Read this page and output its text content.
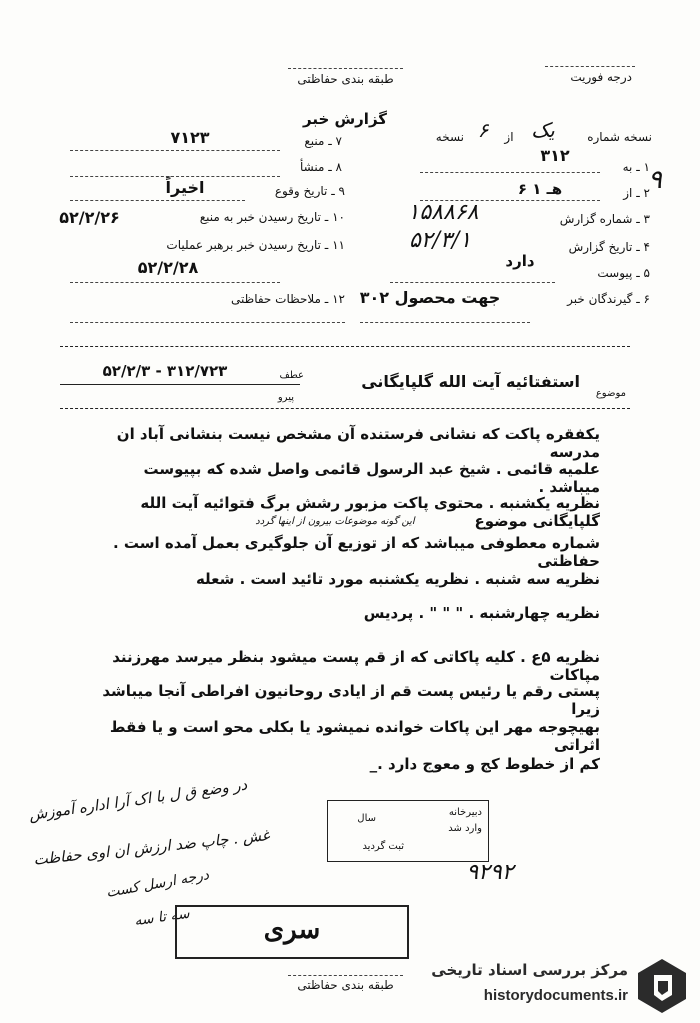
درجه فوریت
طبقه بندی حفاظتی
گزارش خبر
نسخه شماره
یک
از
۶
نسخه
۷ ـ منبع
۷۱۲۳
۸ ـ منشأ
۹ ـ تاریخ وقوع
اخیراً
۱۰ ـ تاریخ رسیدن خبر به منبع
۵۲/۲/۲۶
۱۱ ـ تاریخ رسیدن خبر برهبر عملیات
۵۲/۲/۲۸
۱۲ ـ ملاحظات حفاظتی
۱ ـ به
۳۱۲
۲ ـ از
۶ هـ ۱
۳ ـ شماره گزارش
۱۵۸۸۶۸
۴ ـ تاریخ گزارش
۵۲/۳/۱
۵ ـ پیوست
دارد
۶ ـ گیرندگان خبر
۳۰۲ جهت محصول
۹
موضوع
استفتائیه آیت الله گلپایگانی
عطف
۵۲/۲/۳ - ۳۱۲/۷۲۳
پیرو
یکفقره پاکت که نشانی فرستنده آن مشخص نیست بنشانی آباد ان مدرسه
علمیه قائمی . شیخ عبد الرسول قائمی واصل شده که بپیوست میباشد .
نظریه یکشنبه . محتوی پاکت مزبور رشش برگ فتوائیه آیت الله گلپایگانی موضوع
این گونه موضوعات بیرون از اینها گردد
شماره معطوفی میباشد که از توزیع آن جلوگیری بعمل آمده است . حفاظتی
نظریه سه شنبه . نظریه یکشنبه مورد تائید است . شعله
نظریه چهارشنبه . " " " . پردیس
نظریه ۵ع . کلیه پاکاتی که از قم پست میشود بنظر میرسد مهرزنند مپاکات
پستی رقم یا رئیس پست قم از ایادی روحانیون افراطی آنجا میباشد زیرا
بهیچوجه مهر این پاکات خوانده نمیشود یا بکلی محو است و یا فقط اثراتی
کم از خطوط کج و معوج دارد ._
در وضع ق ل با اک آرا اداره آموزش
غش . چاپ ضد ارزش ان اوی حفاظت
درجه ارسل کست
سه تا سه
۹۲۹۲
دبیرخانه
سال
وارد شد
ثبت گردید
سری
طبقه بندی حفاظتی
مرکز بررسی اسناد تاریخی
historydocuments.ir
